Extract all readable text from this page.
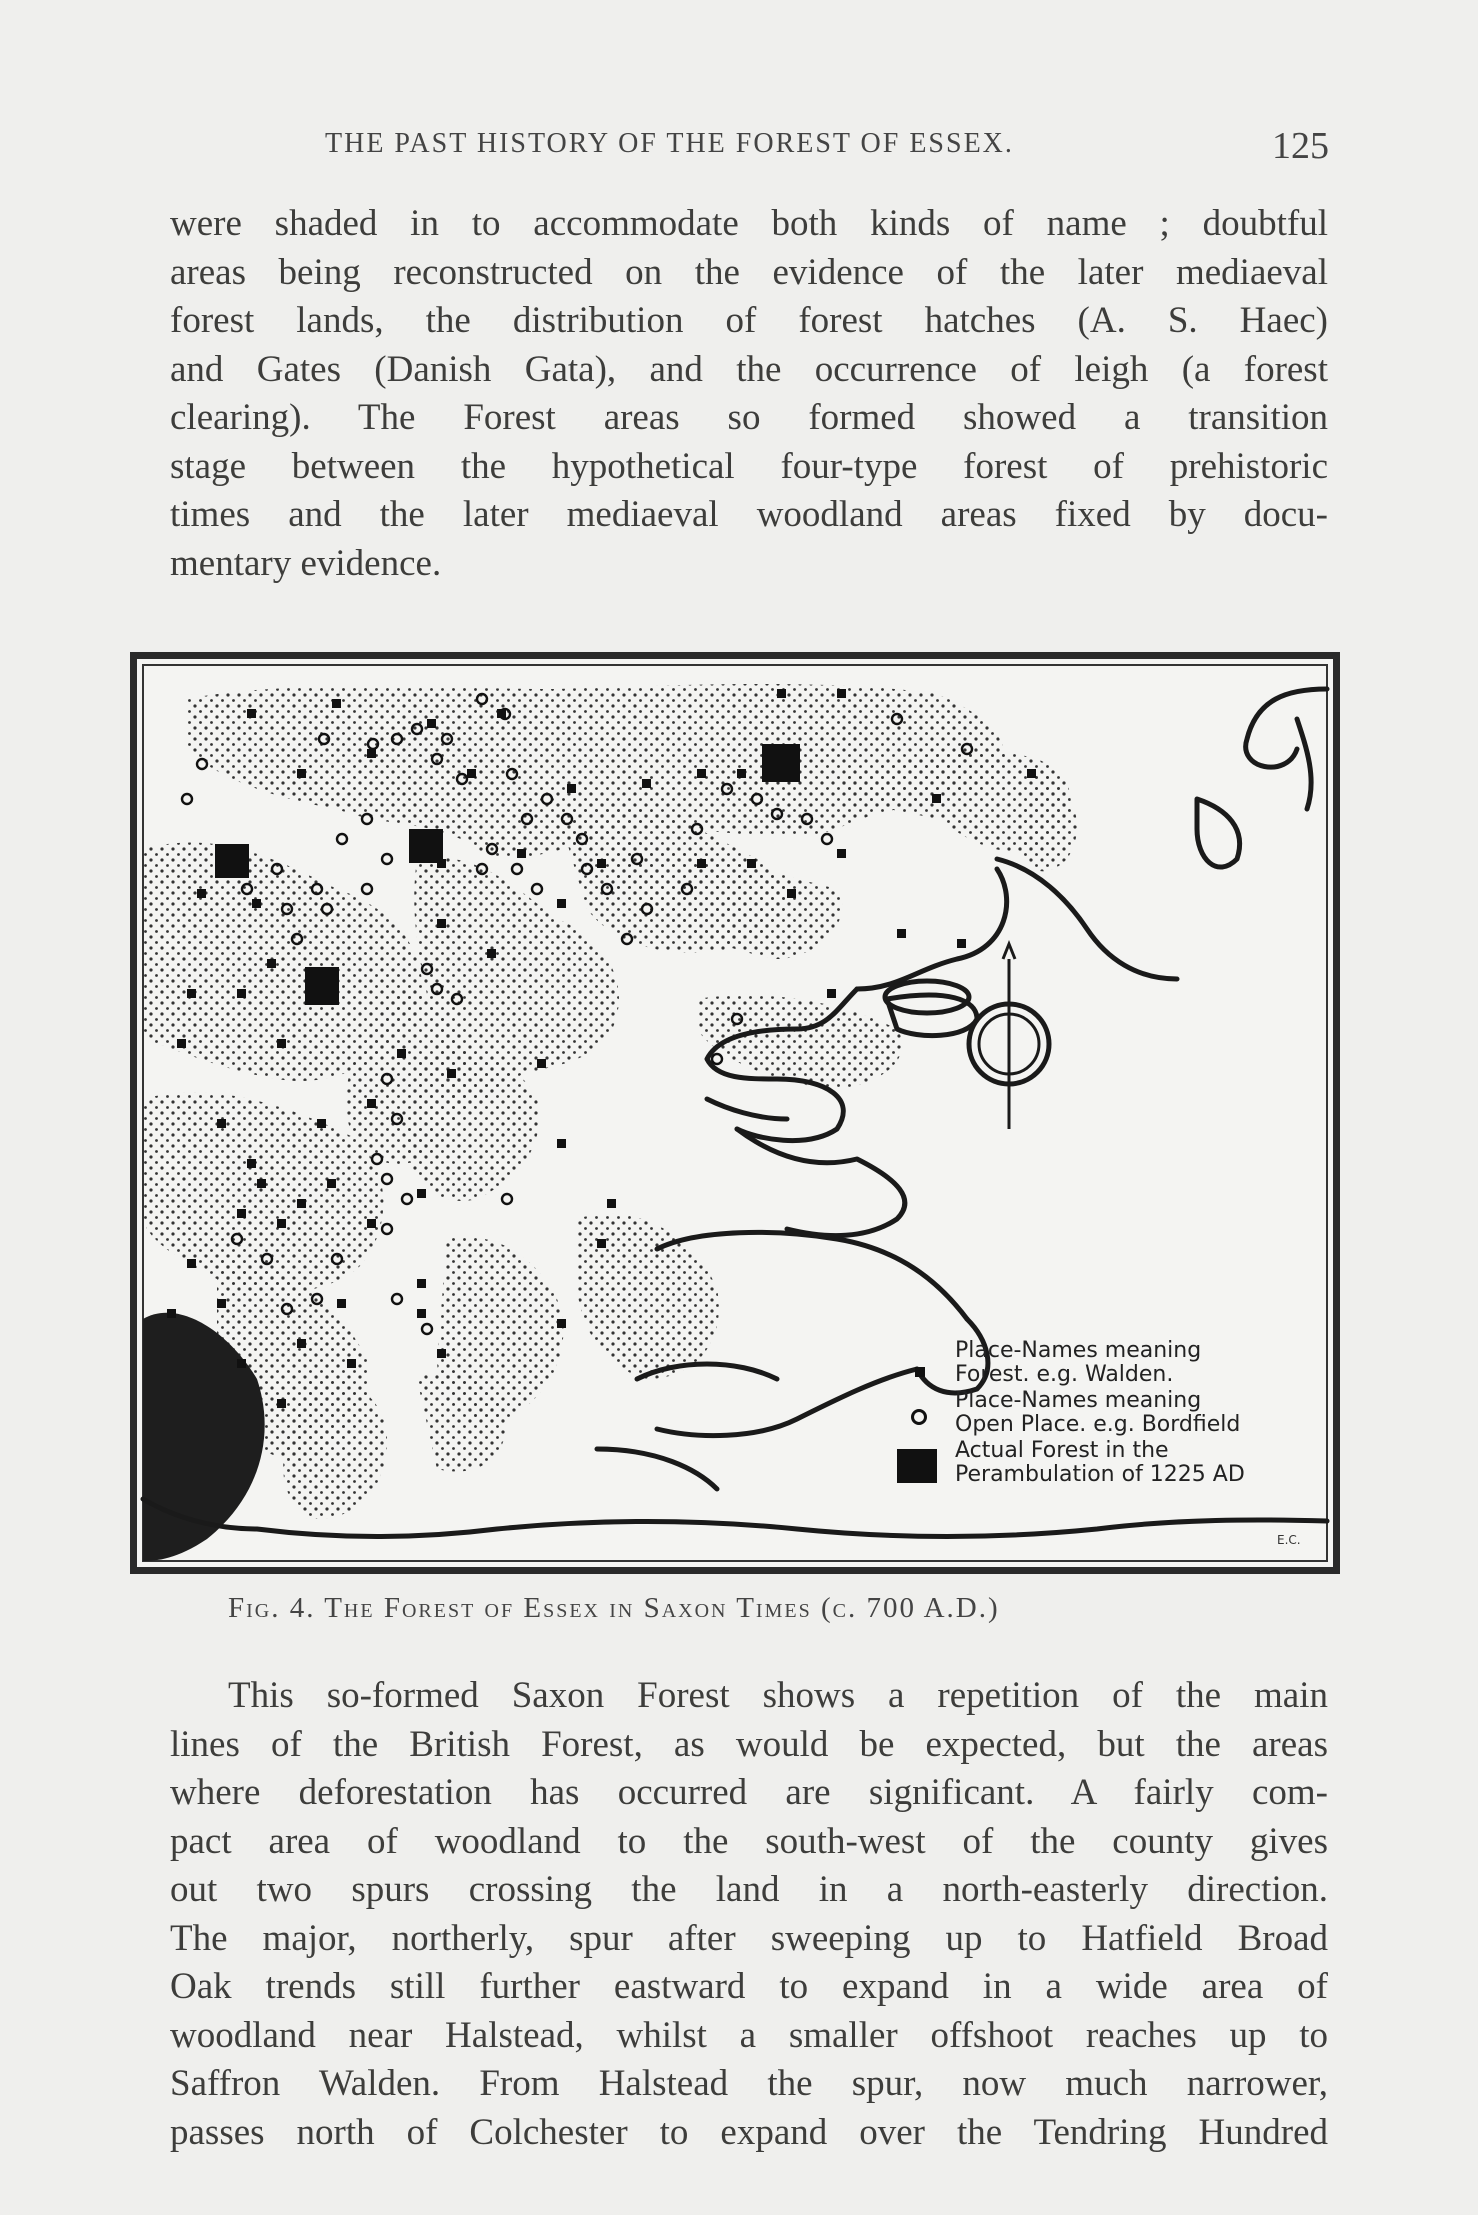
THE PAST HISTORY OF THE FOREST OF ESSEX.	125
were shaded in to accommodate both kinds of name ; doubtful
areas being reconstructed on the evidence of the later mediaeval
forest lands, the distribution of forest hatches (A. S. Haec)
and Gates (Danish Gata), and the occurrence of leigh (a forest
clearing). The Forest areas so formed showed a transition
stage between the hypothetical four-type forest of prehistoric
times and the later mediaeval woodland areas fixed by docu-
mentary evidence.
E.C.
Place-Names meaning
Forest. e.g. Walden.
Place-Names meaning
Open Place. e.g. Bordfield
Actual Forest in the
Perambulation of 1225 AD
Fig. 4. The Forest of Essex in Saxon Times (c. 700 A.D.)
This so-formed Saxon Forest shows a repetition of the main
lines of the British Forest, as would be expected, but the areas
where deforestation has occurred are significant. A fairly com-
pact area of woodland to the south-west of the county gives
out two spurs crossing the land in a north-easterly direction.
The major, northerly, spur after sweeping up to Hatfield Broad
Oak trends still further eastward to expand in a wide area of
woodland near Halstead, whilst a smaller offshoot reaches up to
Saffron Walden. From Halstead the spur, now much narrower,
passes north of Colchester to expand over the Tendring Hundred
